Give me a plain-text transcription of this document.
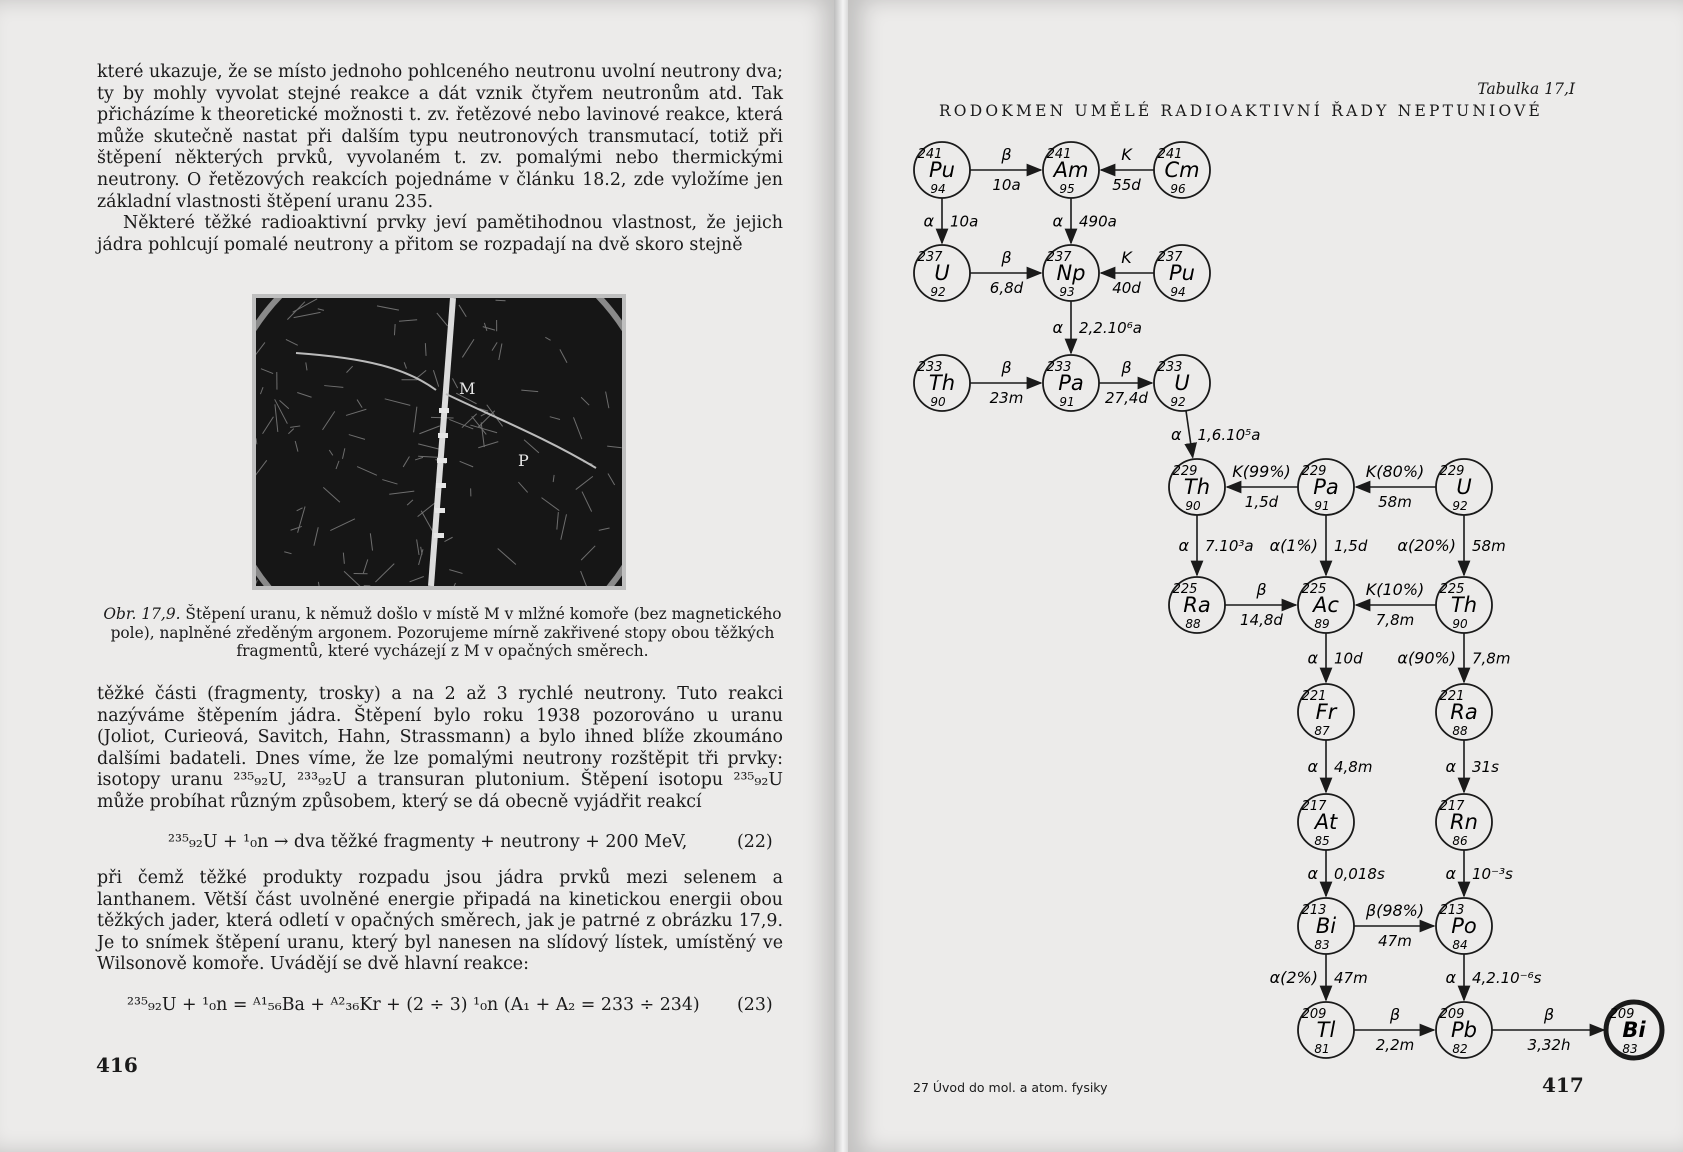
které ukazuje, že se místo jednoho pohlceného neutronu uvolní neutrony dva; ty by mohly vyvolat stejné reakce a dát vznik čtyřem neutronům atd. Tak přicházíme k theoretické možnosti t. zv. řetězové nebo lavinové reakce, která může skutečně nastat při dalším typu neutronových transmutací, totiž při štěpení některých prvků, vyvolaném t. zv. pomalými nebo thermickými neutrony. O řetězových reakcích pojednáme v článku 18.2, zde vyložíme jen základní vlastnosti štěpení uranu 235.

Některé těžké radioaktivní prvky jeví pamětihodnou vlastnost, že jejich jádra pohlcují pomalé neutrony a přitom se rozpadají na dvě skoro stejně

M
P
Obr. 17,9. Štěpení uranu, k němuž došlo v místě M v mlžné komoře (bez magnetického pole), naplněné zředěným argonem. Pozorujeme mírně zakřivené stopy obou těžkých fragmentů, které vycházejí z M v opačných směrech.

těžké části (fragmenty, trosky) a na 2 až 3 rychlé neutrony. Tuto reakci nazýváme štěpením jádra. Štěpení bylo roku 1938 pozorováno u uranu (Joliot, Curieová, Savitch, Hahn, Strassmann) a bylo ihned blíže zkoumáno dalšími badateli. Dnes víme, že lze pomalými neutrony rozštěpit tři prvky: isotopy uranu ²³⁵₉₂U, ²³³₉₂U a transuran plutonium. Štěpení isotopu ²³⁵₉₂U může probíhat různým způsobem, který se dá obecně vyjádřit reakcí

²³⁵₉₂U + ¹₀n → dva těžké fragmenty + neutrony + 200 MeV,	(22)

při čemž těžké produkty rozpadu jsou jádra prvků mezi selenem a lanthanem. Větší část uvolněné energie připadá na kinetickou energii obou těžkých jader, která odletí v opačných směrech, jak je patrné z obrázku 17,9. Je to snímek štěpení uranu, který byl nanesen na slídový lístek, umístěný ve Wilsonově komoře. Uvádějí se dvě hlavní reakce:

²³⁵₉₂U + ¹₀n = ᴬ¹₅₆Ba + ᴬ²₃₆Kr + (2 ÷ 3) ¹₀n (A₁ + A₂ = 233 ÷ 234) (23)
416
27 Úvod do mol. a atom. fysiky	417
Tabulka 17,I
RODOKMEN UMĚLÉ RADIOAKTIVNÍ ŘADY NEPTUNIOVÉ
β
10a
K
55d
α 10a	α 490a
β
6,8d
K
40d
α 2,2.10⁶a
β
23m
β
27,4d
α 1,6.10⁵a
K(99%)
1,5d
K(80%)
58m
α 7.10³a α(1%) 1,5d α(20%) 58m
β
14,8d
K(10%)
7,8m
α 10d α(90%) 7,8m
α 4,8m	α 31s
α 0,018s	α 10⁻³s
β(98%)
47m
α(2%) 47m	α 4,2.10⁻⁶s
β
2,2m
β
3,32h
241
Pu
94
241
Am
95
241
Cm
96
237
U
92
237
Np
93
237
Pu
94
233
Th
90
233
Pa
91
233
U
92
229
Th
90
229
Pa
91
229
U
92
225
Ra
88
225
Ac
89
225
Th
90
221
Fr
87
221
Ra
88
217
At
85
217
Rn
86
213
Bi
83
213
Po
84
209
Tl
81
209
Pb
82
209
Bi
83
